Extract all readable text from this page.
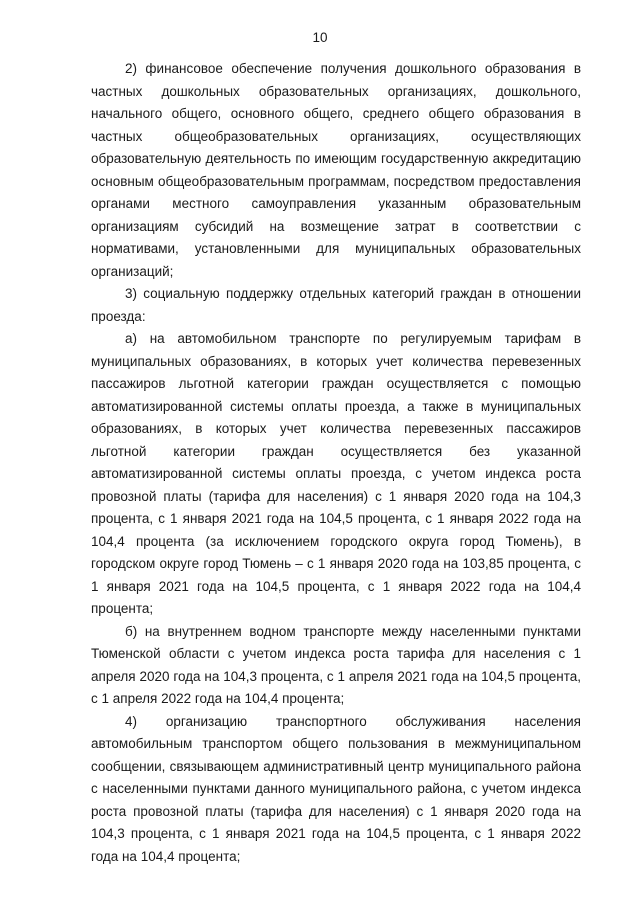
10

2) финансовое обеспечение получения дошкольного образования в частных дошкольных образовательных организациях, дошкольного, начального общего, основного общего, среднего общего образования в частных общеобразовательных организациях, осуществляющих образовательную деятельность по имеющим государственную аккредитацию основным общеобразовательным программам, посредством предоставления органами местного самоуправления указанным образовательным организациям субсидий на возмещение затрат в соответствии с нормативами, установленными для муниципальных образовательных организаций;

3) социальную поддержку отдельных категорий граждан в отношении проезда:

а) на автомобильном транспорте по регулируемым тарифам в муниципальных образованиях, в которых учет количества перевезенных пассажиров льготной категории граждан осуществляется с помощью автоматизированной системы оплаты проезда, а также в муниципальных образованиях, в которых учет количества перевезенных пассажиров льготной категории граждан осуществляется без указанной автоматизированной системы оплаты проезда, с учетом индекса роста провозной платы (тарифа для населения) с 1 января 2020 года на 104,3 процента, с 1 января 2021 года на 104,5 процента, с 1 января 2022 года на 104,4 процента (за исключением городского округа город Тюмень), в городском округе город Тюмень – с 1 января 2020 года на 103,85 процента, с 1 января 2021 года на 104,5 процента, с 1 января 2022 года на 104,4 процента;

б) на внутреннем водном транспорте между населенными пунктами Тюменской области с учетом индекса роста тарифа для населения с 1 апреля 2020 года на 104,3 процента, с 1 апреля 2021 года на 104,5 процента, с 1 апреля 2022 года на 104,4 процента;

4) организацию транспортного обслуживания населения автомобильным транспортом общего пользования в межмуниципальном сообщении, связывающем административный центр муниципального района с населенными пунктами данного муниципального района, с учетом индекса роста провозной платы (тарифа для населения) с 1 января 2020 года на 104,3 процента, с 1 января 2021 года на 104,5 процента, с 1 января 2022 года на 104,4 процента;
